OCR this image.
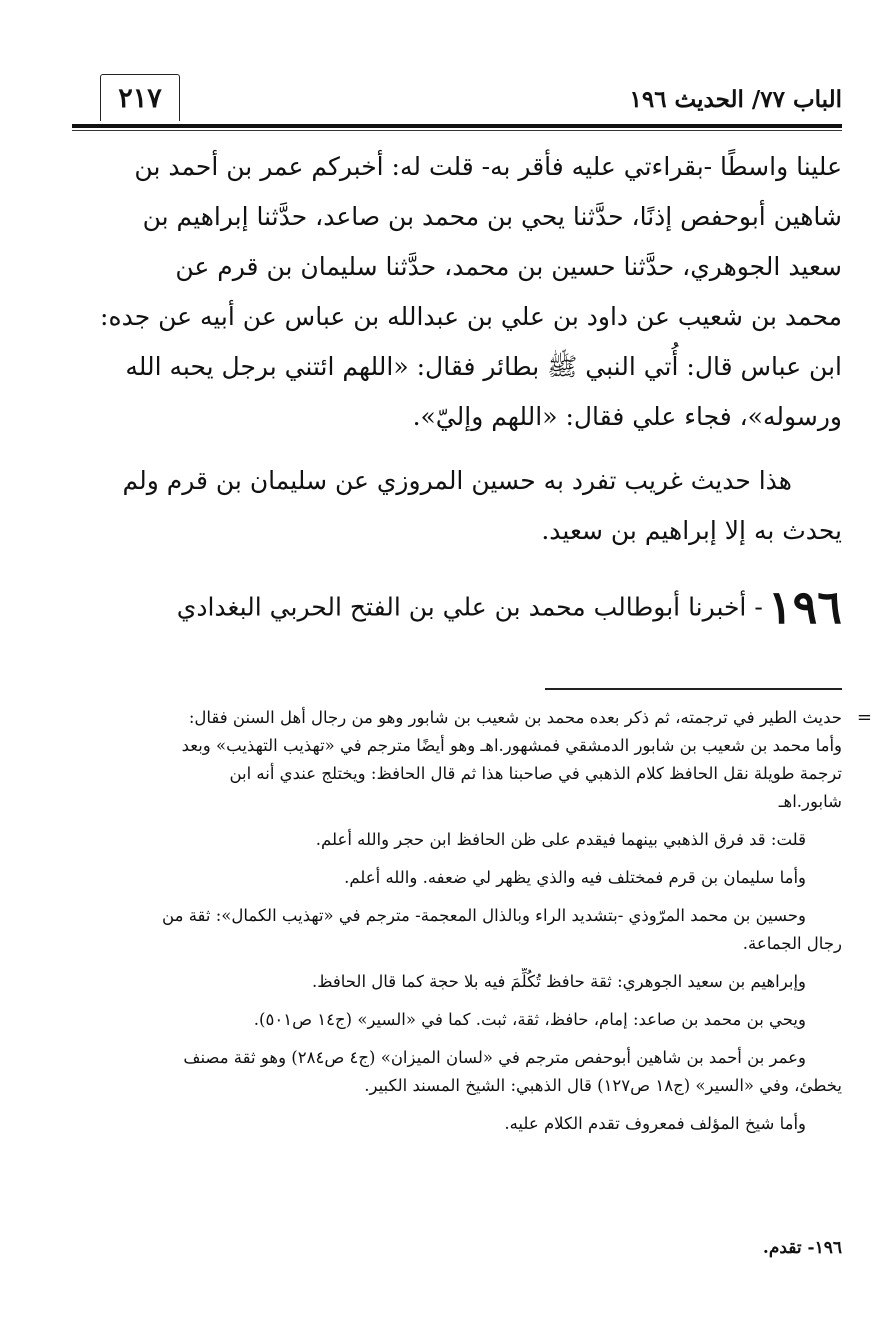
الباب ٧٧/ الحديث ١٩٦
٢١٧
علينا واسطًا -بقراءتي عليه فأقر به- قلت له: أخبركم عمر بن أحمد بن
شاهين أبوحفص إذنًا، حدَّثنا يحي بن محمد بن صاعد، حدَّثنا إبراهيم بن
سعيد الجوهري، حدَّثنا حسين بن محمد، حدَّثنا سليمان بن قرم عن
محمد بن شعيب عن داود بن علي بن عبدالله بن عباس عن أبيه عن جده:
ابن عباس قال: أُتي النبي ﷺ بطائر فقال: «اللهم ائتني برجل يحبه الله
ورسوله»، فجاء علي فقال: «اللهم وإليّ».
هذا حديث غريب تفرد به حسين المروزي عن سليمان بن قرم ولم
يحدث به إلا إبراهيم بن سعيد.
١٩٦ - أخبرنا أبوطالب محمد بن علي بن الفتح الحربي البغدادي
=
حديث الطير في ترجمته، ثم ذكر بعده محمد بن شعيب بن شابور وهو من رجال أهل السنن فقال:
وأما محمد بن شعيب بن شابور الدمشقي فمشهور.اهـ وهو أيضًا مترجم في «تهذيب التهذيب» وبعد
ترجمة طويلة نقل الحافظ كلام الذهبي في صاحبنا هذا ثم قال الحافظ: ويختلج عندي أنه ابن
شابور.اهـ
قلت: قد فرق الذهبي بينهما فيقدم على ظن الحافظ ابن حجر والله أعلم.
وأما سليمان بن قرم فمختلف فيه والذي يظهر لي ضعفه. والله أعلم.
وحسين بن محمد المرّوذي -بتشديد الراء وبالذال المعجمة- مترجم في «تهذيب الكمال»: ثقة من
رجال الجماعة.
وإبراهيم بن سعيد الجوهري: ثقة حافظ تُكُلِّمَ فيه بلا حجة كما قال الحافظ.
ويحي بن محمد بن صاعد: إمام، حافظ، ثقة، ثبت. كما في «السير» (ج١٤ ص٥٠١).
وعمر بن أحمد بن شاهين أبوحفص مترجم في «لسان الميزان» (ج٤ ص٢٨٤) وهو ثقة مصنف
يخطئ، وفي «السير» (ج١٨ ص١٢٧) قال الذهبي: الشيخ المسند الكبير.
وأما شيخ المؤلف فمعروف تقدم الكلام عليه.
١٩٦- تقدم.
